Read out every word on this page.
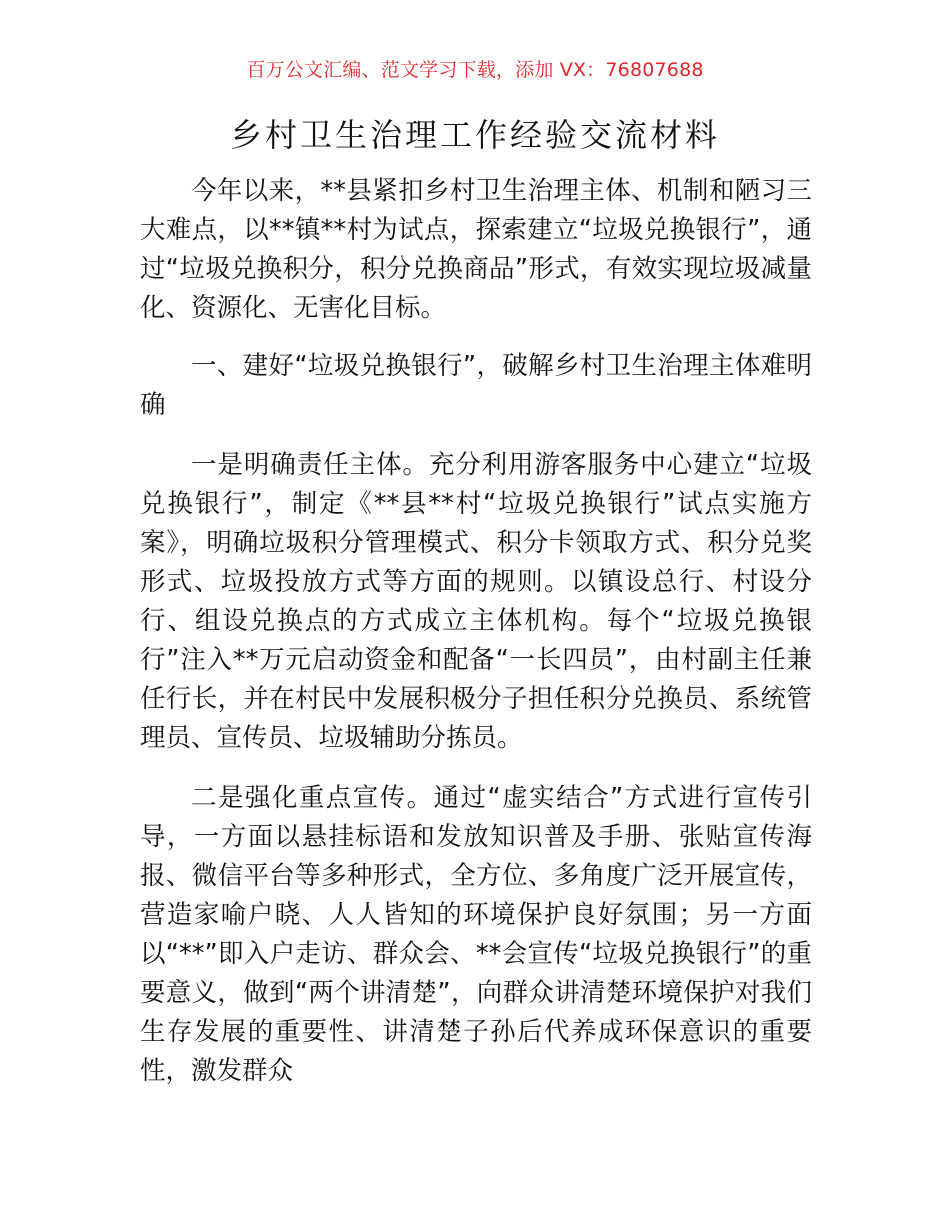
百万公文汇编、范文学习下载，添加 VX：76807688
乡村卫生治理工作经验交流材料

今年以来，**县紧扣乡村卫生治理主体、机制和陋习三大难点，以**镇**村为试点，探索建立“垃圾兑换银行”，通过“垃圾兑换积分，积分兑换商品”形式，有效实现垃圾减量化、资源化、无害化目标。

一、建好“垃圾兑换银行”，破解乡村卫生治理主体难明确

一是明确责任主体。充分利用游客服务中心建立“垃圾兑换银行”，制定《**县**村“垃圾兑换银行”试点实施方案》，明确垃圾积分管理模式、积分卡领取方式、积分兑奖形式、垃圾投放方式等方面的规则。以镇设总行、村设分行、组设兑换点的方式成立主体机构。每个“垃圾兑换银行”注入**万元启动资金和配备“一长四员”，由村副主任兼任行长，并在村民中发展积极分子担任积分兑换员、系统管理员、宣传员、垃圾辅助分拣员。

二是强化重点宣传。通过“虚实结合”方式进行宣传引导，一方面以悬挂标语和发放知识普及手册、张贴宣传海报、微信平台等多种形式，全方位、多角度广泛开展宣传，营造家喻户晓、人人皆知的环境保护良好氛围；另一方面以“**”即入户走访、群众会、**会宣传“垃圾兑换银行”的重要意义，做到“两个讲清楚”，向群众讲清楚环境保护对我们生存发展的重要性、讲清楚子孙后代养成环保意识的重要性，激发群众
